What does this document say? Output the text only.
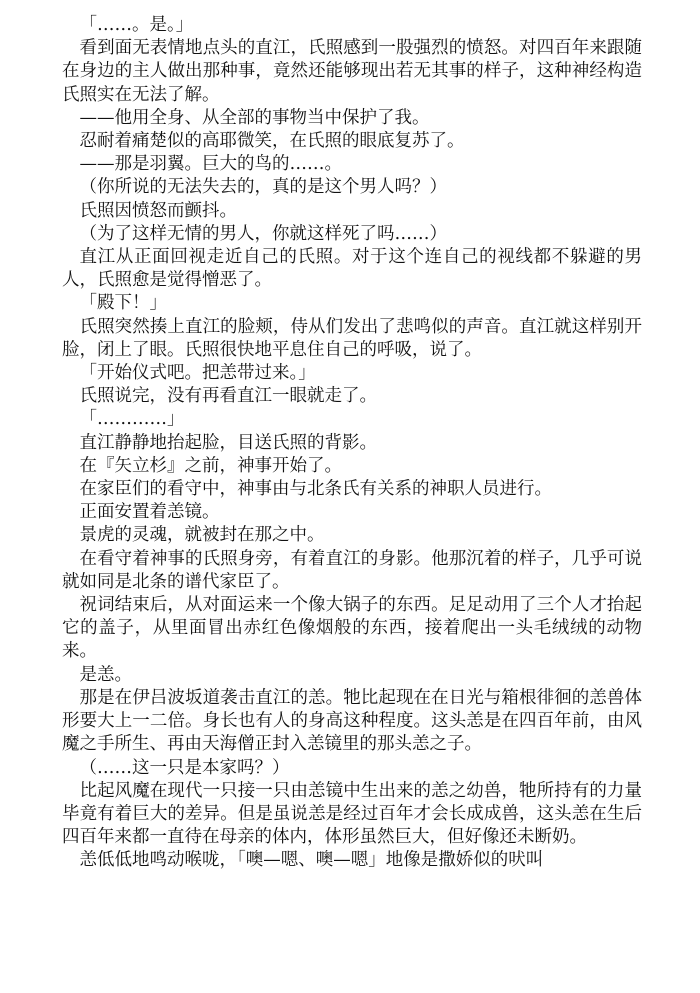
「……。是。」

看到面无表情地点头的直江，氏照感到一股强烈的愤怒。对四百年来跟随在身边的主人做出那种事，竟然还能够现出若无其事的样子，这种神经构造氏照实在无法了解。

——他用全身、从全部的事物当中保护了我。

忍耐着痛楚似的高耶微笑，在氏照的眼底复苏了。

——那是羽翼。巨大的鸟的……。

（你所说的无法失去的，真的是这个男人吗？）

氏照因愤怒而颤抖。

（为了这样无情的男人，你就这样死了吗……）

直江从正面回视走近自己的氏照。对于这个连自己的视线都不躲避的男人，氏照愈是觉得憎恶了。

「殿下！」

氏照突然揍上直江的脸颊，侍从们发出了悲鸣似的声音。直江就这样别开脸，闭上了眼。氏照很快地平息住自己的呼吸，说了。

「开始仪式吧。把恙带过来。」

氏照说完，没有再看直江一眼就走了。

「…………」

直江静静地抬起脸，目送氏照的背影。

在『矢立杉』之前，神事开始了。

在家臣们的看守中，神事由与北条氏有关系的神职人员进行。

正面安置着恙镜。

景虎的灵魂，就被封在那之中。

在看守着神事的氏照身旁，有着直江的身影。他那沉着的样子，几乎可说就如同是北条的谱代家臣了。

祝词结束后，从对面运来一个像大锅子的东西。足足动用了三个人才抬起它的盖子，从里面冒出赤红色像烟般的东西，接着爬出一头毛绒绒的动物来。

是恙。

那是在伊吕波坂道袭击直江的恙。牠比起现在在日光与箱根徘徊的恙兽体形要大上一二倍。身长也有人的身高这种程度。这头恙是在四百年前，由风魔之手所生、再由天海僧正封入恙镜里的那头恙之子。

（……这一只是本家吗？）

比起风魔在现代一只接一只由恙镜中生出来的恙之幼兽，牠所持有的力量毕竟有着巨大的差异。但是虽说恙是经过百年才会长成成兽，这头恙在生后四百年来都一直待在母亲的体内，体形虽然巨大，但好像还未断奶。

恙低低地鸣动喉咙，「噢—嗯、噢—嗯」地像是撒娇似的吠叫
